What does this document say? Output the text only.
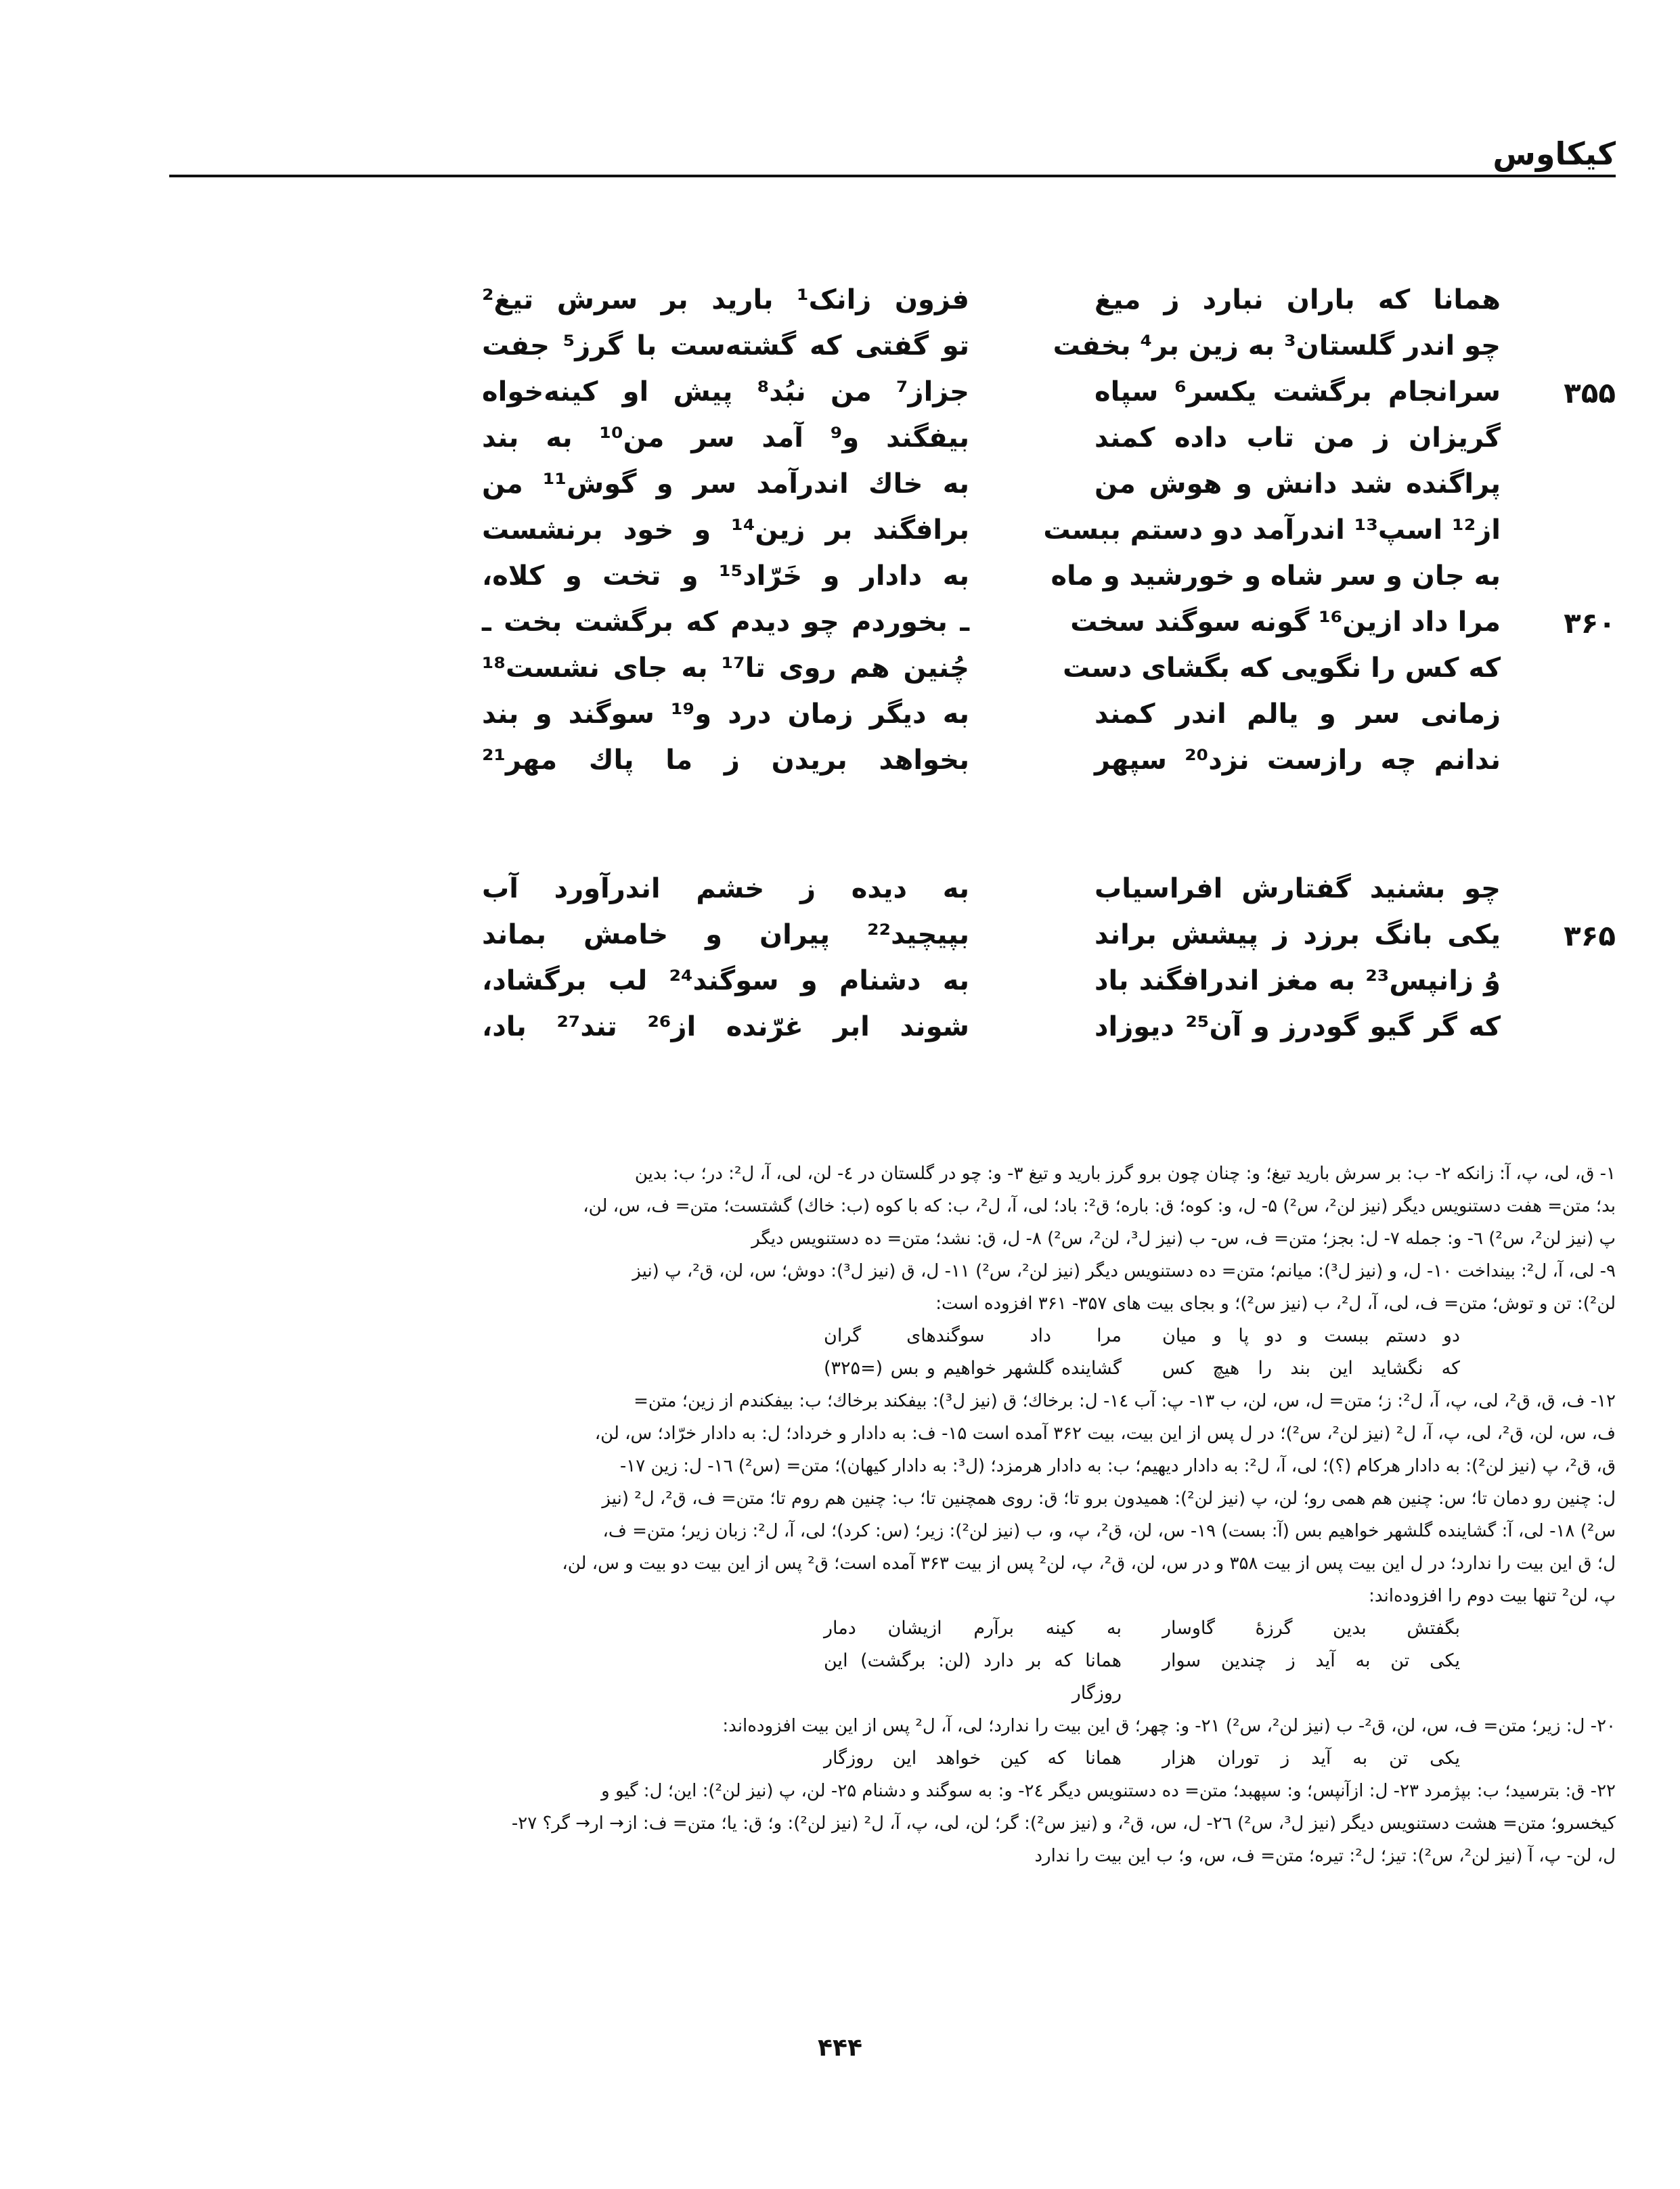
کیکاوس
همانا که باران نبارد ز میغ
فزون زانک¹ بارید بر سرش تیغ²
چو اندر گلستان³ به زین بر⁴ بخفت
تو گفتی که گشته‌ست با گرز⁵ جفت
۳۵۵
سرانجام برگشت یکسر⁶ سپاه
جزاز⁷ من نبُد⁸ پیش او کینه‌خواه
گریزان ز من تاب داده کمند
بیفگند و⁹ آمد سر من¹⁰ به بند
پراگنده شد دانش و هوش من
به خاك اندرآمد سر و گوش¹¹ من
از¹² اسپ¹³ اندرآمد دو دستم ببست
برافگند بر زین¹⁴ و خود برنشست
به جان و سر شاه و خورشید و ماه
به دادار و خَرّاد¹⁵ و تخت و کلاه،
۳۶۰
مرا داد ازین¹⁶ گونه سوگند سخت
ـ بخوردم چو دیدم که برگشت بخت ـ
که کس را نگویی که بگشای دست
چُنین هم روی تا¹⁷ به جای نشست¹⁸
زمانی سر و یالم اندر کمند
به دیگر زمان درد و¹⁹ سوگند و بند
ندانم چه رازست نزد²⁰ سپهر
بخواهد بریدن ز ما پاك مهر²¹
چو بشنید گفتارش افراسیاب
به دیده ز خشم اندرآورد آب
۳۶۵
یکی بانگ برزد ز پیشش براند
بپیچید²² پیران و خامش بماند
وُ زانپس²³ به مغز اندرافگند باد
به دشنام و سوگند²⁴ لب برگشاد،
که گر گیو گودرز و آن²⁵ دیوزاد
شوند ابر غرّنده از²⁶ تند²⁷ باد،
۱- ق، لی، پ، آ: زانکه ۲- ب: بر سرش بارید تیغ؛ و: چنان چون برو گرز بارید و تیغ ۳- و: چو در گلستان در ٤- لن، لی، آ، ل²: در؛ ب: بدین
بد؛ متن= هفت دستنویس دیگر (نیز لن²، س²) ۵- ل، و: کوه؛ ق: باره؛ ق²: باد؛ لی، آ، ل²، ب: که با کوه (ب: خاك) گشتست؛ متن= ف، س، لن،
پ (نیز لن²، س²) ٦- و: جمله ۷- ل: بجز؛ متن= ف، س- ب (نیز ل³، لن²، س²) ۸- ل، ق: نشد؛ متن= ده دستنویس دیگر
۹- لی، آ، ل²: بینداخت ۱۰- ل، و (نیز ل³): میانم؛ متن= ده دستنویس دیگر (نیز لن²، س²) ۱۱- ل، ق (نیز ل³): دوش؛ س، لن، ق²، پ (نیز
لن²): تن و توش؛ متن= ف، لی، آ، ل²، ب (نیز س²)؛ و بجای بیت های ۳۵۷- ۳۶۱ افزوده است:
دو دستم ببست و دو پا و میان
مرا داد سوگندهای گران
که نگشاید این بند را هیچ کس
گشاینده گلشهر خواهیم و بس (=۳۲۵)
۱۲- ف، ق، ق²، لی، پ، آ، ل²: ز؛ متن= ل، س، لن، ب ۱۳- پ: آب ١٤- ل: برخاك؛ ق (نیز ل³): بیفکند برخاك؛ ب: بیفکندم از زین؛ متن=
ف، س، لن، ق²، لی، پ، آ، ل² (نیز لن²، س²)؛ در ل پس از این بیت، بیت ۳۶۲ آمده است ۱۵- ف: به دادار و خرداد؛ ل: به دادار خرّاد؛ س، لن،
ق، ق²، پ (نیز لن²): به دادار هرکام (؟)؛ لی، آ، ل²: به دادار دیهیم؛ ب: به دادار هرمزد؛ (ل³: به دادار کیهان)؛ متن= (س²) ١٦- ل: زین ۱۷-
ل: چنین رو دمان تا؛ س: چنین هم همی رو؛ لن، پ (نیز لن²): همیدون برو تا؛ ق: روی همچنین تا؛ ب: چنین هم روم تا؛ متن= ف، ق²، ل² (نیز
س²) ۱۸- لی، آ: گشاینده گلشهر خواهیم بس (آ: بست) ۱۹- س، لن، ق²، پ، و، ب (نیز لن²): زیر؛ (س: کرد)؛ لی، آ، ل²: زبان زیر؛ متن= ف،
ل؛ ق این بیت را ندارد؛ در ل این بیت پس از بیت ۳۵۸ و در س، لن، ق²، پ، لن² پس از بیت ۳۶۳ آمده است؛ ق² پس از این بیت دو بیت و س، لن،
پ، لن² تنها بیت دوم را افزوده‌اند:
بگفتش بدین گرزهٔ گاوسار
به کینه برآرم ازیشان دمار
یکی تن به آید ز چندین سوار
همانا که بر دارد (لن: برگشت) این روزگار
۲۰- ل: زیر؛ متن= ف، س، لن، ق²- ب (نیز لن²، س²) ۲۱- و: چهر؛ ق این بیت را ندارد؛ لی، آ، ل² پس از این بیت افزوده‌اند:
یکی تن به آید ز توران هزار
همانا که کین خواهد این روزگار
۲۲- ق: بترسید؛ ب: بپژمرد ۲۳- ل: ازآنپس؛ و: سپهبد؛ متن= ده دستنویس دیگر ۲٤- و: به سوگند و دشنام ۲۵- لن، پ (نیز لن²): این؛ ل: گیو و
کیخسرو؛ متن= هشت دستنویس دیگر (نیز ل³، س²) ۲٦- ل، س، ق²، و (نیز س²): گر؛ لن، لی، پ، آ، ل² (نیز لن²): و؛ ق: یا؛ متن= ف: از→ ار→ گر؟ ۲۷-
ل، لن- پ، آ (نیز لن²، س²): تیز؛ ل²: تیره؛ متن= ف، س، و؛ ب این بیت را ندارد
۴۴۴
